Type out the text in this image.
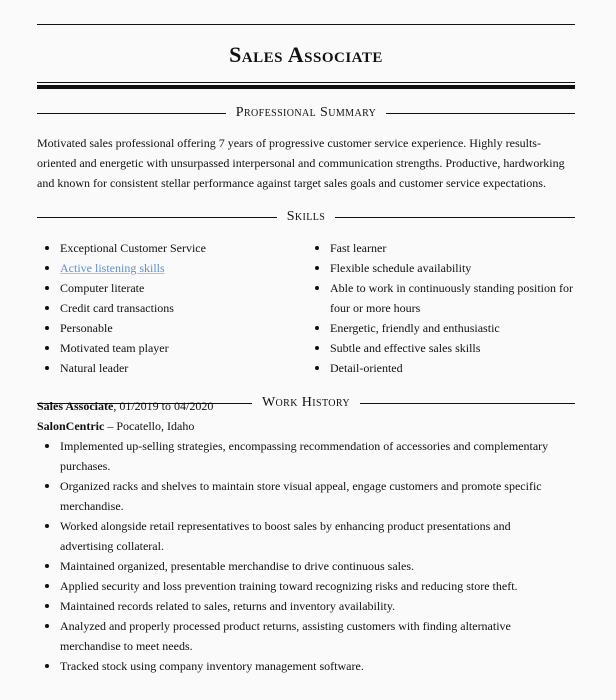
Sales Associate
Professional Summary

Motivated sales professional offering 7 years of progressive customer service experience. Highly results-oriented and energetic with unsurpassed interpersonal and communication strengths. Productive, hardworking and known for consistent stellar performance against target sales goals and customer service expectations.

Skills
Exceptional Customer Service
Active listening skills
Computer literate
Credit card transactions
Personable
Motivated team player
Natural leader
Fast learner
Flexible schedule availability
Able to work in continuously standing position for four or more hours
Energetic, friendly and enthusiastic
Subtle and effective sales skills
Detail-oriented
Work History

Sales Associate, 01/2019 to 04/2020

SalonCentric – Pocatello, Idaho

Implemented up-selling strategies, encompassing recommendation of accessories and complementary purchases.
Organized racks and shelves to maintain store visual appeal, engage customers and promote specific merchandise.
Worked alongside retail representatives to boost sales by enhancing product presentations and advertising collateral.
Maintained organized, presentable merchandise to drive continuous sales.
Applied security and loss prevention training toward recognizing risks and reducing store theft.
Maintained records related to sales, returns and inventory availability.
Analyzed and properly processed product returns, assisting customers with finding alternative merchandise to meet needs.
Tracked stock using company inventory management software.
